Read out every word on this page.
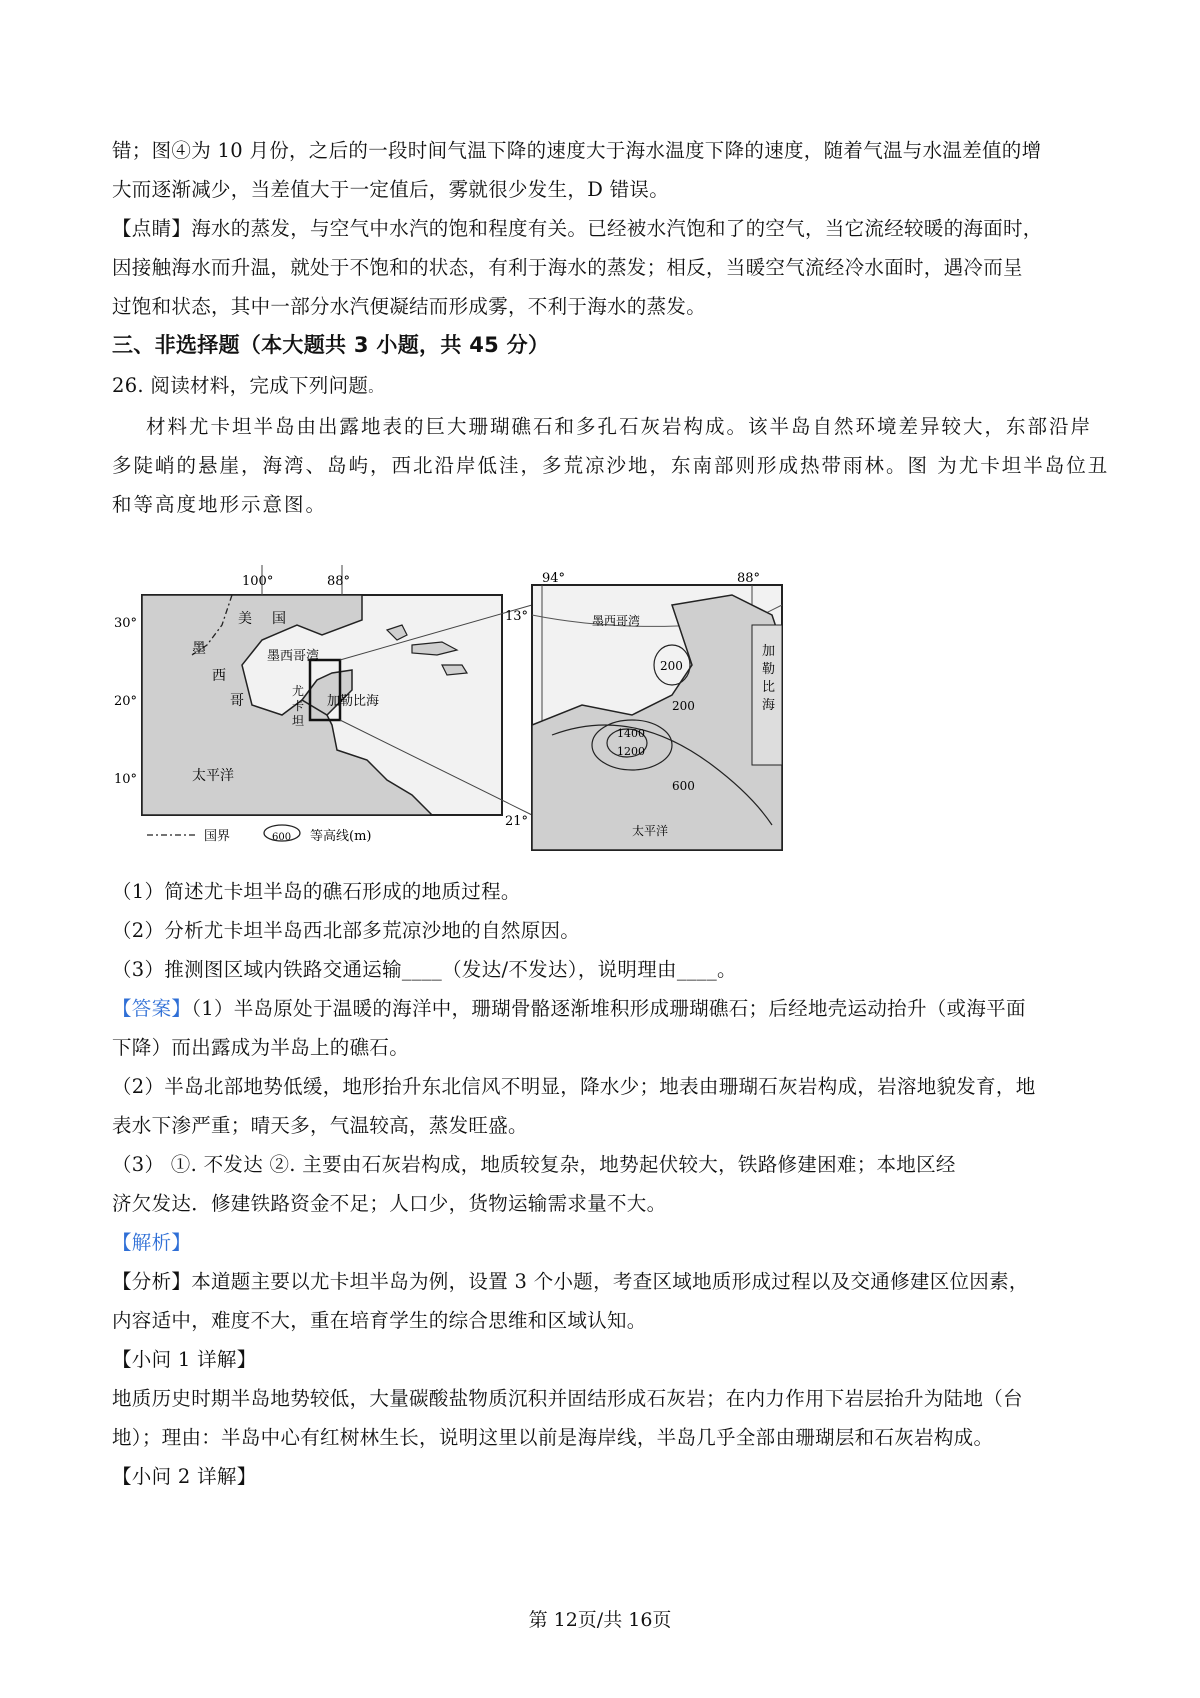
错；图④为 10 月份，之后的一段时间气温下降的速度大于海水温度下降的速度，随着气温与水温差值的增
大而逐渐减少，当差值大于一定值后，雾就很少发生，D 错误。
【点睛】海水的蒸发，与空气中水汽的饱和程度有关。已经被水汽饱和了的空气，当它流经较暖的海面时，
因接触海水而升温，就处于不饱和的状态，有利于海水的蒸发；相反，当暖空气流经冷水面时，遇冷而呈
过饱和状态，其中一部分水汽便凝结而形成雾，不利于海水的蒸发。
三、非选择题（本大题共 3 小题，共 45 分）
26. 阅读材料，完成下列问题。
材料尤卡坦半岛由出露地表的巨大珊瑚礁石和多孔石灰岩构成。该半岛自然环境差异较大，东部沿岸
多陡峭的悬崖，海湾、岛屿，西北沿岸低洼，多荒凉沙地，东南部则形成热带雨林。图 为尤卡坦半岛位丑
和等高度地形示意图。
100°	88°
30°
20°
10°
美 国
墨
西
哥
墨西哥湾
加勒比海
尤
卡
坦
太平洋
国界	600 等高线(m)
94°	88°
13°
21°
墨西哥湾
加
勒
比
海
200
200
1400
1200
600
太平洋
（1）简述尤卡坦半岛的礁石形成的地质过程。
（2）分析尤卡坦半岛西北部多荒凉沙地的自然原因。
（3）推测图区域内铁路交通运输____（发达/不发达），说明理由____。
【答案】（1）半岛原处于温暖的海洋中，珊瑚骨骼逐渐堆积形成珊瑚礁石；后经地壳运动抬升（或海平面
下降）而出露成为半岛上的礁石。
（2）半岛北部地势低缓，地形抬升东北信风不明显，降水少；地表由珊瑚石灰岩构成，岩溶地貌发育，地
表水下渗严重；晴天多，气温较高，蒸发旺盛。
（3） ①. 不发达 ②. 主要由石灰岩构成，地质较复杂，地势起伏较大，铁路修建困难；本地区经
济欠发达．修建铁路资金不足；人口少，货物运输需求量不大。
【解析】
【分析】本道题主要以尤卡坦半岛为例，设置 3 个小题，考查区域地质形成过程以及交通修建区位因素，
内容适中，难度不大，重在培育学生的综合思维和区域认知。
【小问 1 详解】
地质历史时期半岛地势较低，大量碳酸盐物质沉积并固结形成石灰岩；在内力作用下岩层抬升为陆地（台
地）；理由：半岛中心有红树林生长，说明这里以前是海岸线，半岛几乎全部由珊瑚层和石灰岩构成。
【小问 2 详解】
第 12页/共 16页
